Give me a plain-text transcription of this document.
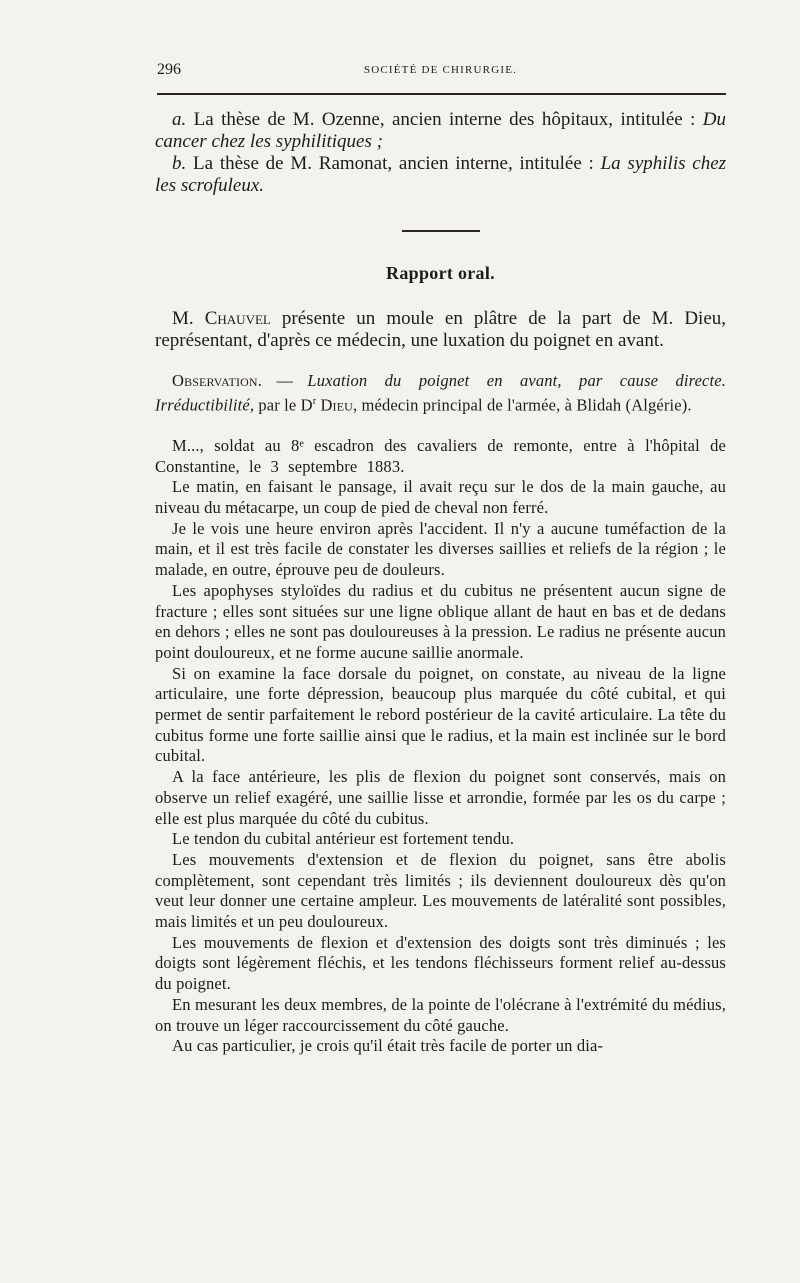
296	SOCIÉTÉ DE CHIRURGIE.

a. La thèse de M. Ozenne, ancien interne des hôpitaux, intitulée : Du cancer chez les syphilitiques ;

b. La thèse de M. Ramonat, ancien interne, intitulée : La syphilis chez les scrofuleux.

Rapport oral.

M. Chauvel présente un moule en plâtre de la part de M. Dieu, représentant, d'après ce médecin, une luxation du poignet en avant.

Observation. — Luxation du poignet en avant, par cause directe. Irréductibilité, par le $D^r$ Dieu, médecin principal de l'armée, à Blidah (Algérie).

M..., soldat au 8ᵉ escadron des cavaliers de remonte, entre à l'hôpital de Constantine, le 3 septembre 1883.

Le matin, en faisant le pansage, il avait reçu sur le dos de la main gauche, au niveau du métacarpe, un coup de pied de cheval non ferré.

Je le vois une heure environ après l'accident. Il n'y a aucune tuméfaction de la main, et il est très facile de constater les diverses saillies et reliefs de la région ; le malade, en outre, éprouve peu de douleurs.

Les apophyses styloïdes du radius et du cubitus ne présentent aucun signe de fracture ; elles sont situées sur une ligne oblique allant de haut en bas et de dedans en dehors ; elles ne sont pas douloureuses à la pression. Le radius ne présente aucun point douloureux, et ne forme aucune saillie anormale.

Si on examine la face dorsale du poignet, on constate, au niveau de la ligne articulaire, une forte dépression, beaucoup plus marquée du côté cubital, et qui permet de sentir parfaitement le rebord postérieur de la cavité articulaire. La tête du cubitus forme une forte saillie ainsi que le radius, et la main est inclinée sur le bord cubital.

A la face antérieure, les plis de flexion du poignet sont conservés, mais on observe un relief exagéré, une saillie lisse et arrondie, formée par les os du carpe ; elle est plus marquée du côté du cubitus.

Le tendon du cubital antérieur est fortement tendu.

Les mouvements d'extension et de flexion du poignet, sans être abolis complètement, sont cependant très limités ; ils deviennent douloureux dès qu'on veut leur donner une certaine ampleur. Les mouvements de latéralité sont possibles, mais limités et un peu douloureux.

Les mouvements de flexion et d'extension des doigts sont très diminués ; les doigts sont légèrement fléchis, et les tendons fléchisseurs forment relief au-dessus du poignet.

En mesurant les deux membres, de la pointe de l'olécrane à l'extrémité du médius, on trouve un léger raccourcissement du côté gauche.

Au cas particulier, je crois qu'il était très facile de porter un dia-
